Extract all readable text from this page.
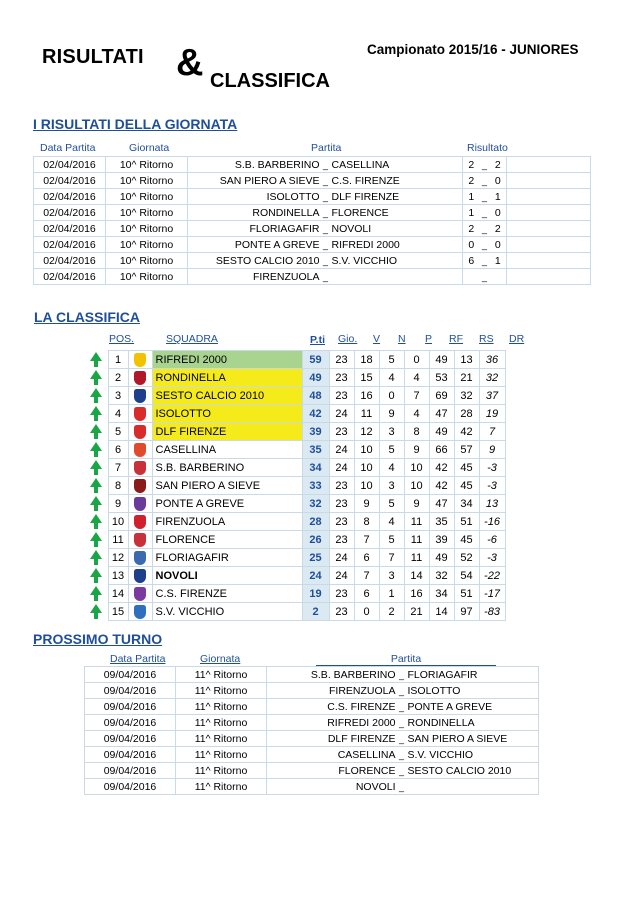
RISULTATI & CLASSIFICA
Campionato 2015/16 - JUNIORES
I RISULTATI DELLA GIORNATA
Data Partita	Giornata	Partita	Risultato
02/04/2016	10^ Ritorno	S.B. BARBERINO	_	CASELLINA	2	_	2	
02/04/2016	10^ Ritorno	SAN PIERO A SIEVE	_	C.S. FIRENZE	2	_	0	
02/04/2016	10^ Ritorno	ISOLOTTO	_	DLF FIRENZE	1	_	1	
02/04/2016	10^ Ritorno	RONDINELLA	_	FLORENCE	1	_	0	
02/04/2016	10^ Ritorno	FLORIAGAFIR	_	NOVOLI	2	_	2	
02/04/2016	10^ Ritorno	PONTE A GREVE	_	RIFREDI 2000	0	_	0	
02/04/2016	10^ Ritorno	SESTO CALCIO 2010	_	S.V. VICCHIO	6	_	1	
02/04/2016	10^ Ritorno	FIRENZUOLA	_			_		
LA CLASSIFICA
POS.	SQUADRA	P.ti Gio. V N P RF RS DR
	1		RIFREDI 2000	59	23	18	5	0	49	13	36
	2		RONDINELLA	49	23	15	4	4	53	21	32
	3		SESTO CALCIO 2010	48	23	16	0	7	69	32	37
	4		ISOLOTTO	42	24	11	9	4	47	28	19
	5		DLF FIRENZE	39	23	12	3	8	49	42	7
	6		CASELLINA	35	24	10	5	9	66	57	9
	7		S.B. BARBERINO	34	24	10	4	10	42	45	-3
	8		SAN PIERO A SIEVE	33	23	10	3	10	42	45	-3
	9		PONTE A GREVE	32	23	9	5	9	47	34	13
	10		FIRENZUOLA	28	23	8	4	11	35	51	-16
	11		FLORENCE	26	23	7	5	11	39	45	-6
	12		FLORIAGAFIR	25	24	6	7	11	49	52	-3
	13		NOVOLI	24	24	7	3	14	32	54	-22
	14		C.S. FIRENZE	19	23	6	1	16	34	51	-17
	15		S.V. VICCHIO	2	23	0	2	21	14	97	-83
PROSSIMO TURNO
Data Partita	Giornata	Partita
09/04/2016	11^ Ritorno	S.B. BARBERINO	_	FLORIAGAFIR
09/04/2016	11^ Ritorno	FIRENZUOLA	_	ISOLOTTO
09/04/2016	11^ Ritorno	C.S. FIRENZE	_	PONTE A GREVE
09/04/2016	11^ Ritorno	RIFREDI 2000	_	RONDINELLA
09/04/2016	11^ Ritorno	DLF FIRENZE	_	SAN PIERO A SIEVE
09/04/2016	11^ Ritorno	CASELLINA	_	S.V. VICCHIO
09/04/2016	11^ Ritorno	FLORENCE	_	SESTO CALCIO 2010
09/04/2016	11^ Ritorno	NOVOLI	_	
